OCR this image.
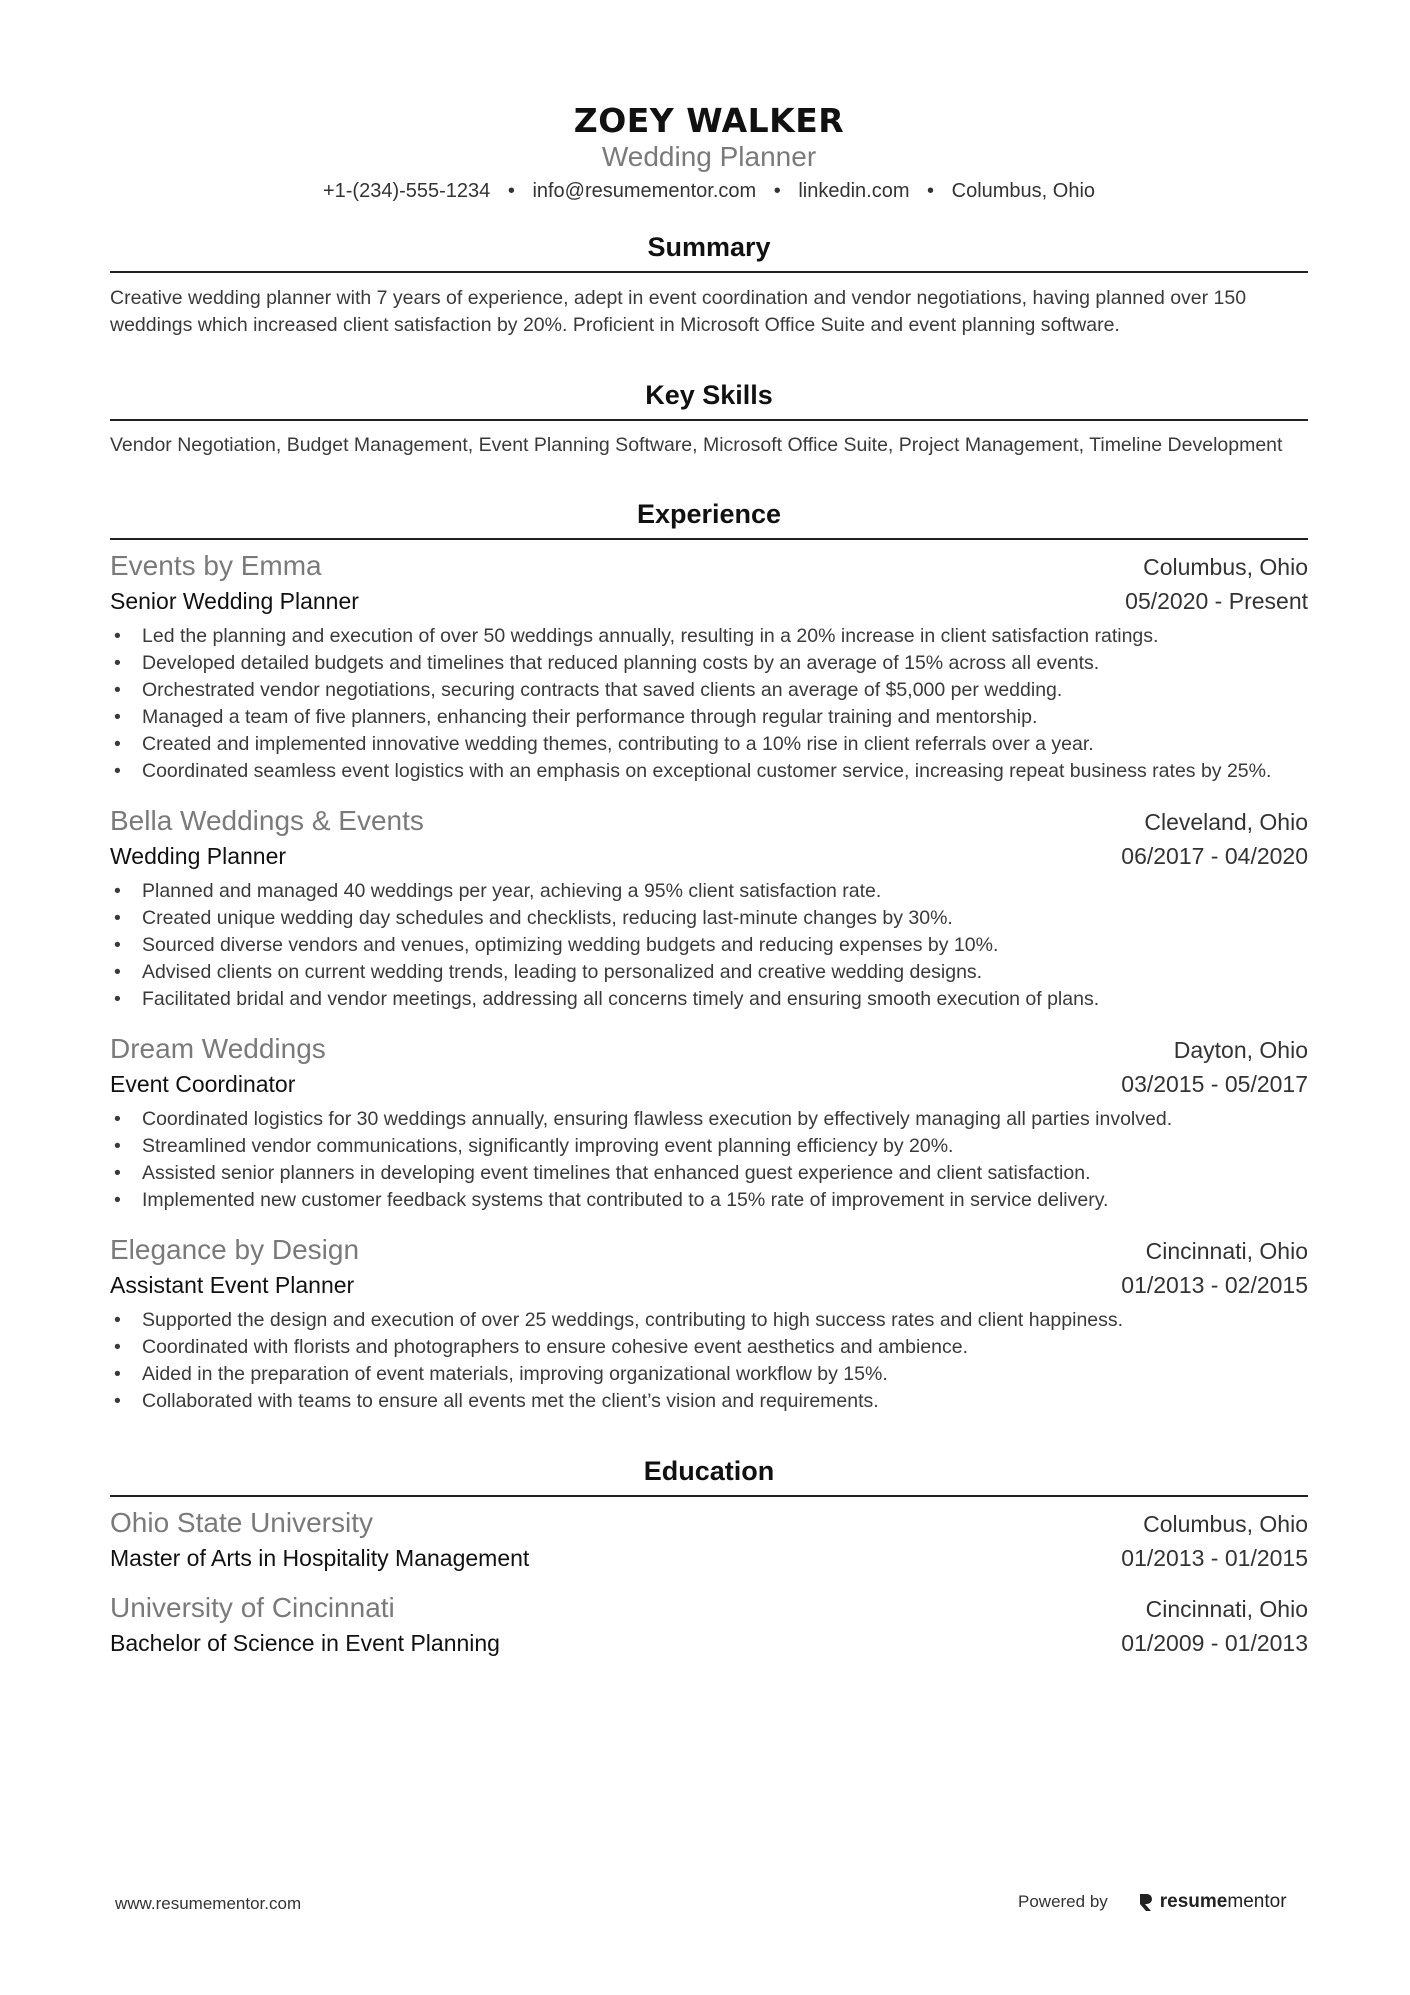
ZOEY WALKER
Wedding Planner
+1-(234)-555-1234 • info@resumementor.com • linkedin.com • Columbus, Ohio
Summary
Creative wedding planner with 7 years of experience, adept in event coordination and vendor negotiations, having planned over 150 weddings which increased client satisfaction by 20%. Proficient in Microsoft Office Suite and event planning software.
Key Skills
Vendor Negotiation, Budget Management, Event Planning Software, Microsoft Office Suite, Project Management, Timeline Development
Experience
Events by Emma	Columbus, Ohio
Senior Wedding Planner	05/2020 - Present
• Led the planning and execution of over 50 weddings annually, resulting in a 20% increase in client satisfaction ratings.
• Developed detailed budgets and timelines that reduced planning costs by an average of 15% across all events.
• Orchestrated vendor negotiations, securing contracts that saved clients an average of $5,000 per wedding.
• Managed a team of five planners, enhancing their performance through regular training and mentorship.
• Created and implemented innovative wedding themes, contributing to a 10% rise in client referrals over a year.
• Coordinated seamless event logistics with an emphasis on exceptional customer service, increasing repeat business rates by 25%.
Bella Weddings & Events	Cleveland, Ohio
Wedding Planner	06/2017 - 04/2020
• Planned and managed 40 weddings per year, achieving a 95% client satisfaction rate.
• Created unique wedding day schedules and checklists, reducing last-minute changes by 30%.
• Sourced diverse vendors and venues, optimizing wedding budgets and reducing expenses by 10%.
• Advised clients on current wedding trends, leading to personalized and creative wedding designs.
• Facilitated bridal and vendor meetings, addressing all concerns timely and ensuring smooth execution of plans.
Dream Weddings	Dayton, Ohio
Event Coordinator	03/2015 - 05/2017
• Coordinated logistics for 30 weddings annually, ensuring flawless execution by effectively managing all parties involved.
• Streamlined vendor communications, significantly improving event planning efficiency by 20%.
• Assisted senior planners in developing event timelines that enhanced guest experience and client satisfaction.
• Implemented new customer feedback systems that contributed to a 15% rate of improvement in service delivery.
Elegance by Design	Cincinnati, Ohio
Assistant Event Planner	01/2013 - 02/2015
• Supported the design and execution of over 25 weddings, contributing to high success rates and client happiness.
• Coordinated with florists and photographers to ensure cohesive event aesthetics and ambience.
• Aided in the preparation of event materials, improving organizational workflow by 15%.
• Collaborated with teams to ensure all events met the client’s vision and requirements.
Education
Ohio State University	Columbus, Ohio
Master of Arts in Hospitality Management	01/2013 - 01/2015
University of Cincinnati	Cincinnati, Ohio
Bachelor of Science in Event Planning	01/2009 - 01/2013
www.resumementor.com	Powered by	resume mentor
